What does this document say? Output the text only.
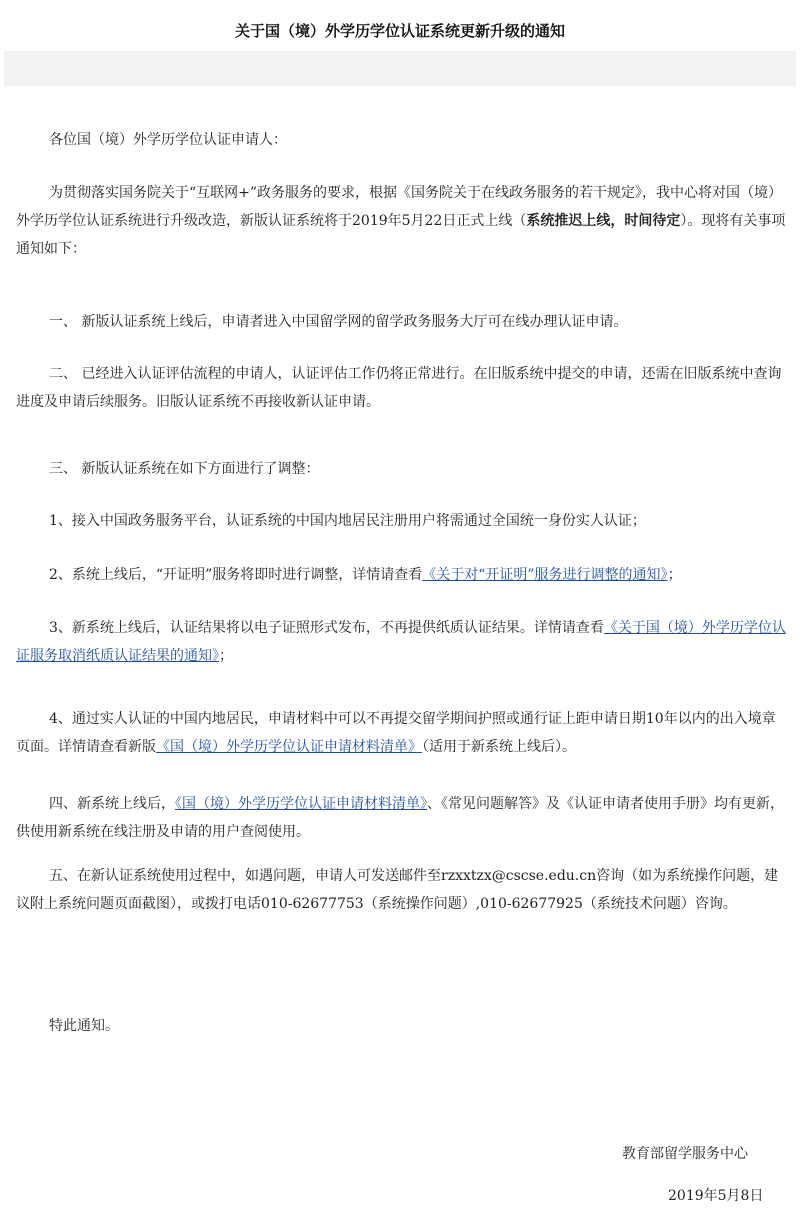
关于国（境）外学历学位认证系统更新升级的通知

各位国（境）外学历学位认证申请人：

为贯彻落实国务院关于“互联网+”政务服务的要求，根据《国务院关于在线政务服务的若干规定》，我中心将对国（境）外学历学位认证系统进行升级改造，新版认证系统将于2019年5月22日正式上线（系统推迟上线，时间待定）。现将有关事项通知如下：

一、 新版认证系统上线后，申请者进入中国留学网的留学政务服务大厅可在线办理认证申请。

二、 已经进入认证评估流程的申请人，认证评估工作仍将正常进行。在旧版系统中提交的申请，还需在旧版系统中查询进度及申请后续服务。旧版认证系统不再接收新认证申请。

三、 新版认证系统在如下方面进行了调整：

1、接入中国政务服务平台，认证系统的中国内地居民注册用户将需通过全国统一身份实人认证；

2、系统上线后，“开证明”服务将即时进行调整，详情请查看《关于对“开证明”服务进行调整的通知》；

3、新系统上线后，认证结果将以电子证照形式发布，不再提供纸质认证结果。详情请查看《关于国（境）外学历学位认证服务取消纸质认证结果的通知》；

4、通过实人认证的中国内地居民，申请材料中可以不再提交留学期间护照或通行证上距申请日期10年以内的出入境章页面。详情请查看新版《国（境）外学历学位认证申请材料清单》（适用于新系统上线后）。

四、新系统上线后，《国（境）外学历学位认证申请材料清单》、《常见问题解答》及《认证申请者使用手册》均有更新，供使用新系统在线注册及申请的用户查阅使用。

五、在新认证系统使用过程中，如遇问题，申请人可发送邮件至rzxxtzx@cscse.edu.cn咨询（如为系统操作问题，建议附上系统问题页面截图），或拨打电话010-62677753（系统操作问题）,010-62677925（系统技术问题）咨询。

特此通知。

教育部留学服务中心
2019年5月8日
